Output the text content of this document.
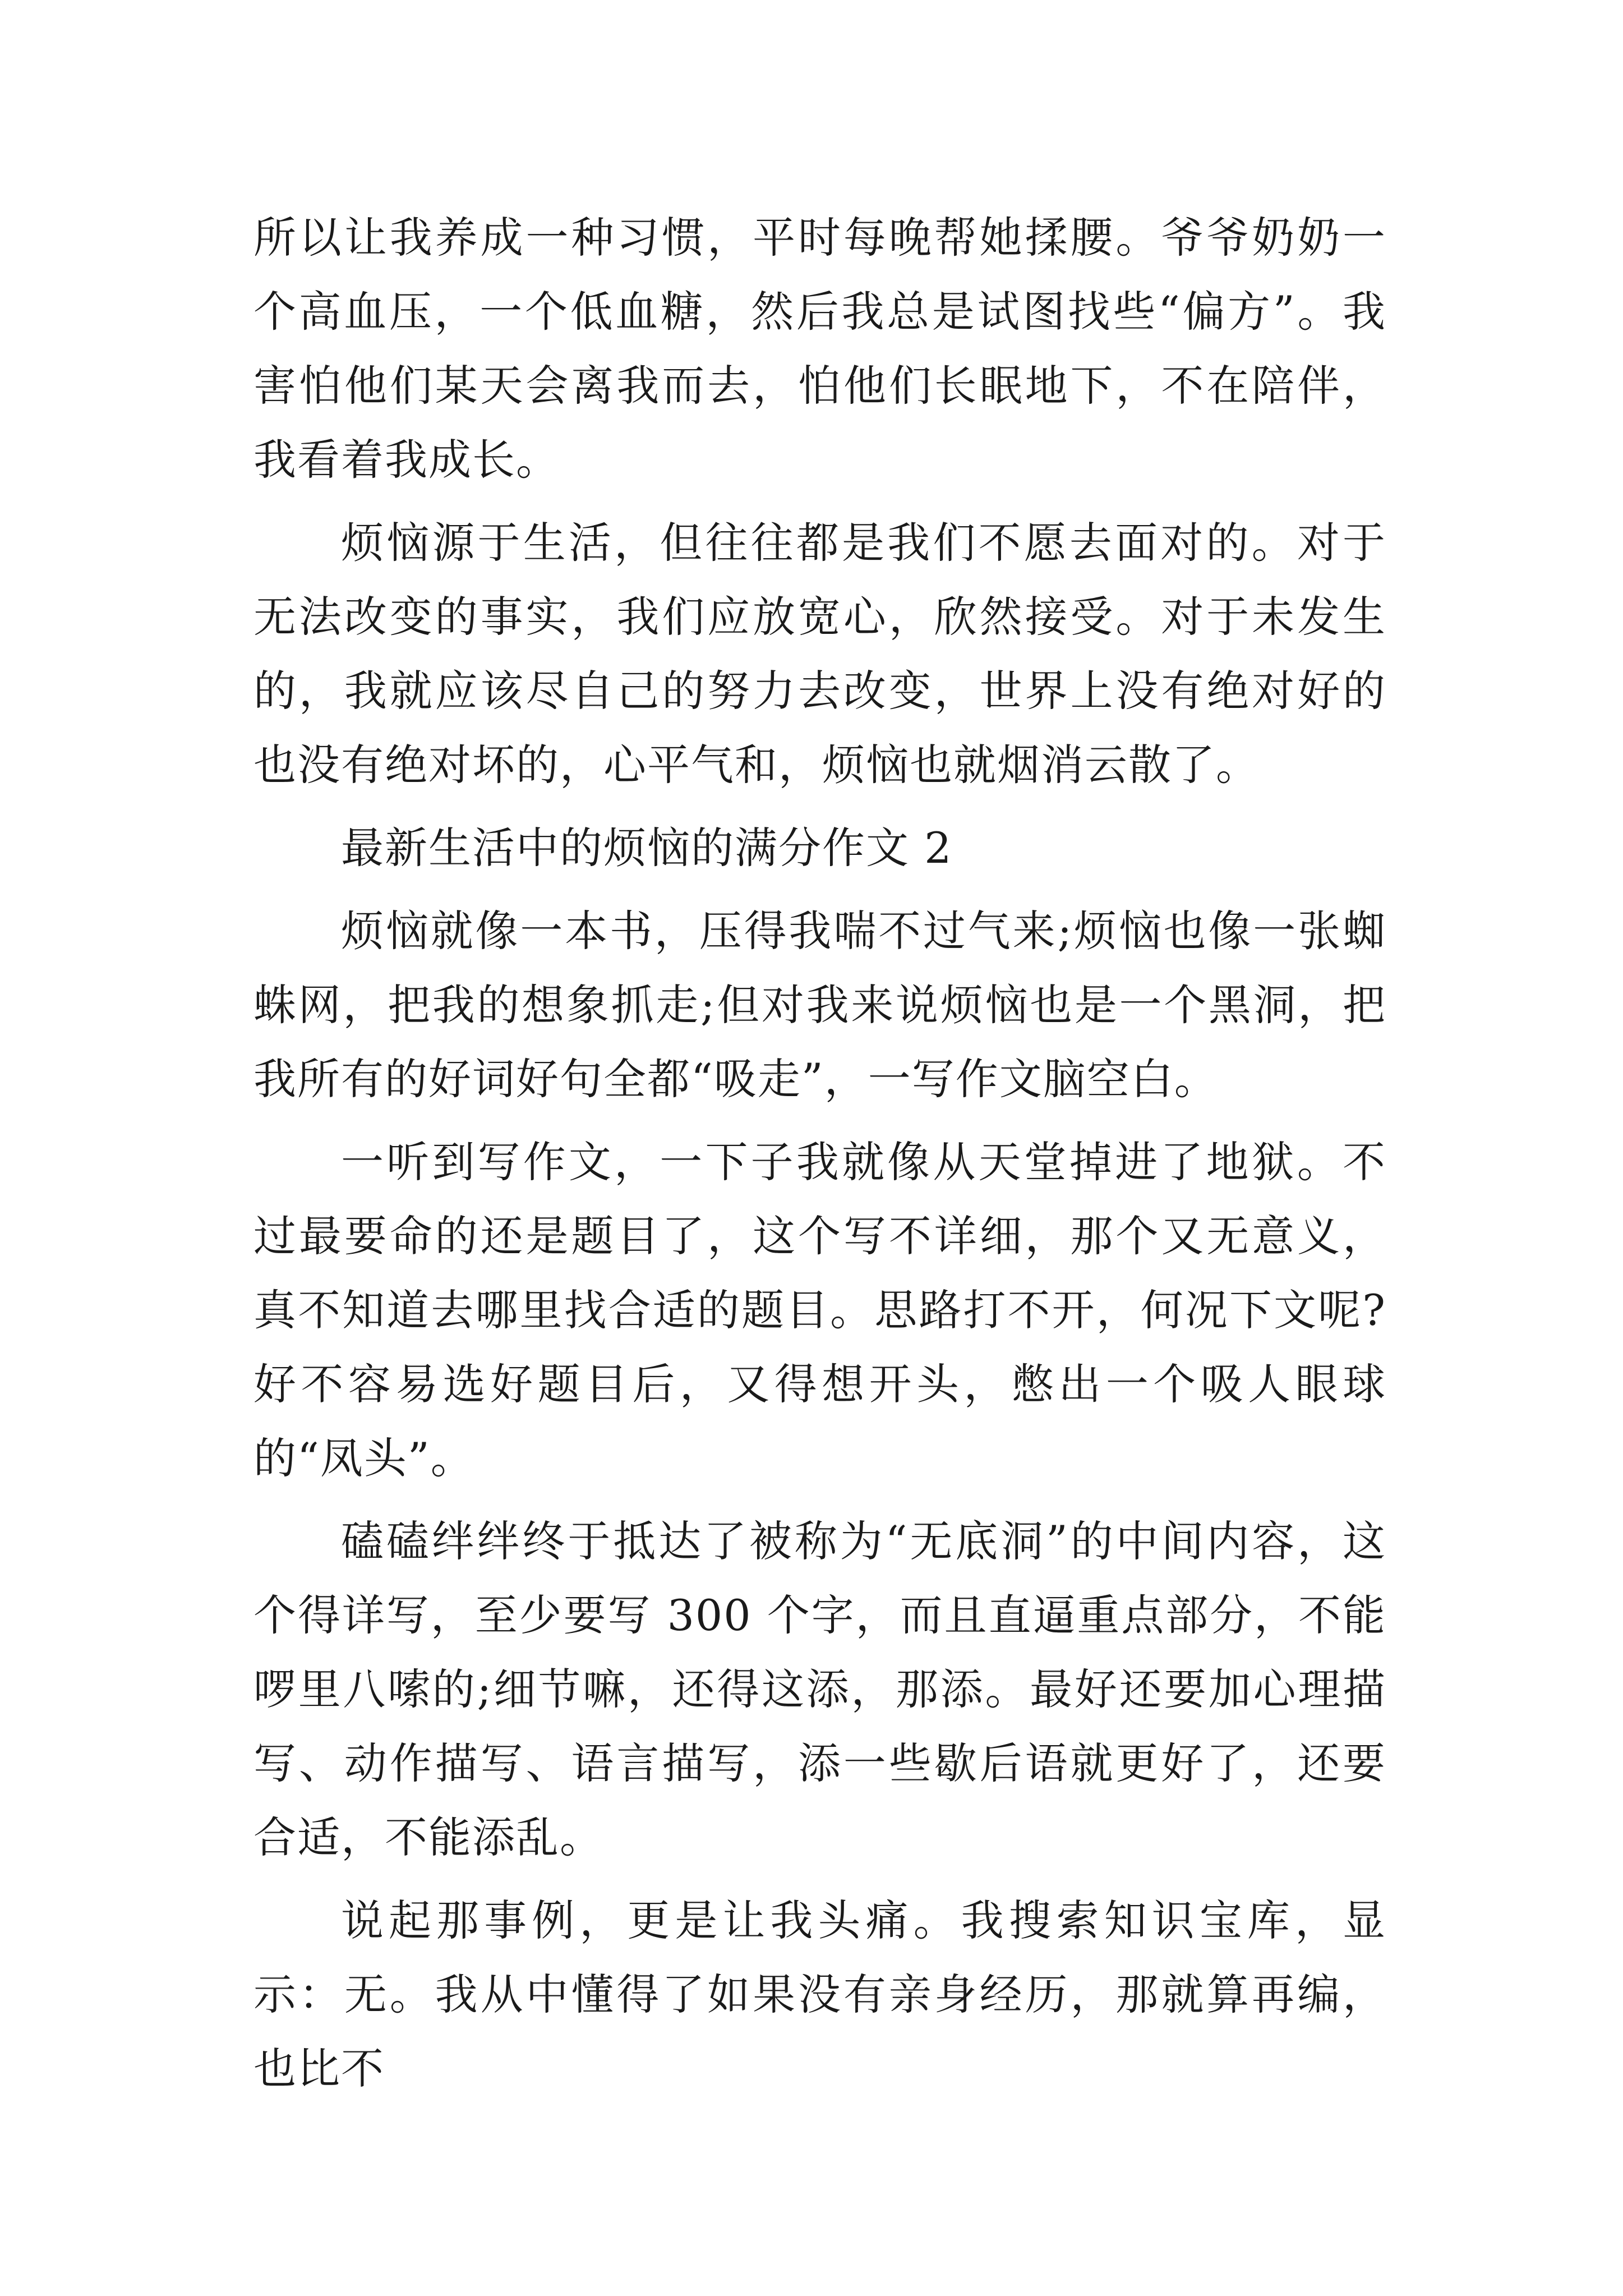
所以让我养成一种习惯，平时每晚帮她揉腰。爷爷奶奶一个高血压，一个低血糖，然后我总是试图找些“偏方”。我害怕他们某天会离我而去，怕他们长眠地下，不在陪伴，我看着我成长。

烦恼源于生活，但往往都是我们不愿去面对的。对于无法改变的事实，我们应放宽心，欣然接受。对于未发生的，我就应该尽自己的努力去改变，世界上没有绝对好的也没有绝对坏的，心平气和，烦恼也就烟消云散了。

最新生活中的烦恼的满分作文 2

烦恼就像一本书，压得我喘不过气来;烦恼也像一张蜘蛛网，把我的想象抓走;但对我来说烦恼也是一个黑洞，把我所有的好词好句全都“吸走”，一写作文脑空白。

一听到写作文，一下子我就像从天堂掉进了地狱。不过最要命的还是题目了，这个写不详细，那个又无意义，真不知道去哪里找合适的题目。思路打不开，何况下文呢?好不容易选好题目后，又得想开头，憋出一个吸人眼球的“凤头”。

磕磕绊绊终于抵达了被称为“无底洞”的中间内容，这个得详写，至少要写 300 个字，而且直逼重点部分，不能啰里八嗦的;细节嘛，还得这添，那添。最好还要加心理描写、动作描写、语言描写，添一些歇后语就更好了，还要合适，不能添乱。

说起那事例，更是让我头痛。我搜索知识宝库，显示：无。我从中懂得了如果没有亲身经历，那就算再编，也比不
